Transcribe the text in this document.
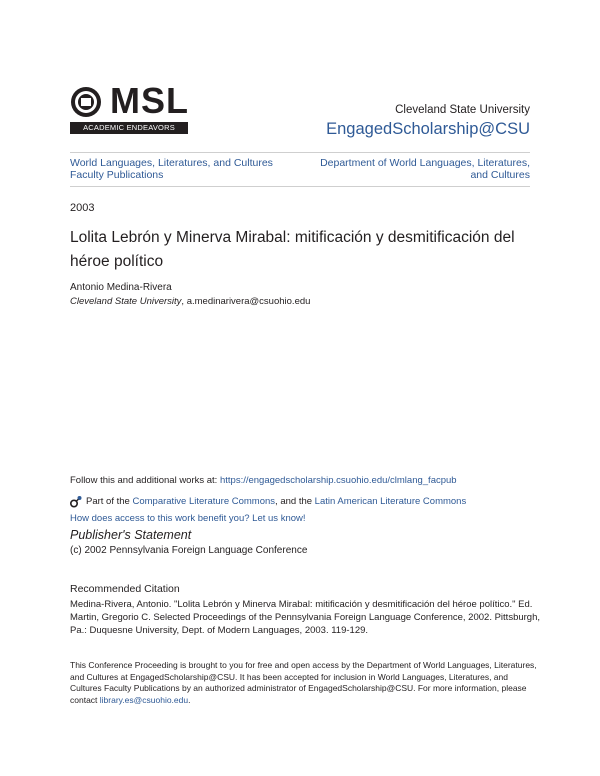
MSL
ACADEMIC ENDEAVORS
Cleveland State University
EngagedScholarship@CSU
World Languages, Literatures, and Cultures Faculty Publications
Department of World Languages, Literatures, and Cultures
2003
Lolita Lebrón y Minerva Mirabal: mitificación y desmitificación del héroe político
Antonio Medina-Rivera
Cleveland State University, a.medinarivera@csuohio.edu
Follow this and additional works at: https://engagedscholarship.csuohio.edu/clmlang_facpub
Part of the
Comparative Literature Commons , and the
Latin American Literature Commons
How does access to this work benefit you? Let us know!
Publisher's Statement
(c) 2002 Pennsylvania Foreign Language Conference
Recommended Citation
Medina-Rivera, Antonio. "Lolita Lebrón y Minerva Mirabal: mitificación y desmitificación del héroe político." Ed. Martin, Gregorio C. Selected Proceedings of the Pennsylvania Foreign Language Conference, 2002. Pittsburgh, Pa.: Duquesne University, Dept. of Modern Languages, 2003. 119-129.
This Conference Proceeding is brought to you for free and open access by the Department of World Languages, Literatures, and Cultures at EngagedScholarship@CSU. It has been accepted for inclusion in World Languages, Literatures, and Cultures Faculty Publications by an authorized administrator of EngagedScholarship@CSU. For more information, please contact library.es@csuohio.edu.
